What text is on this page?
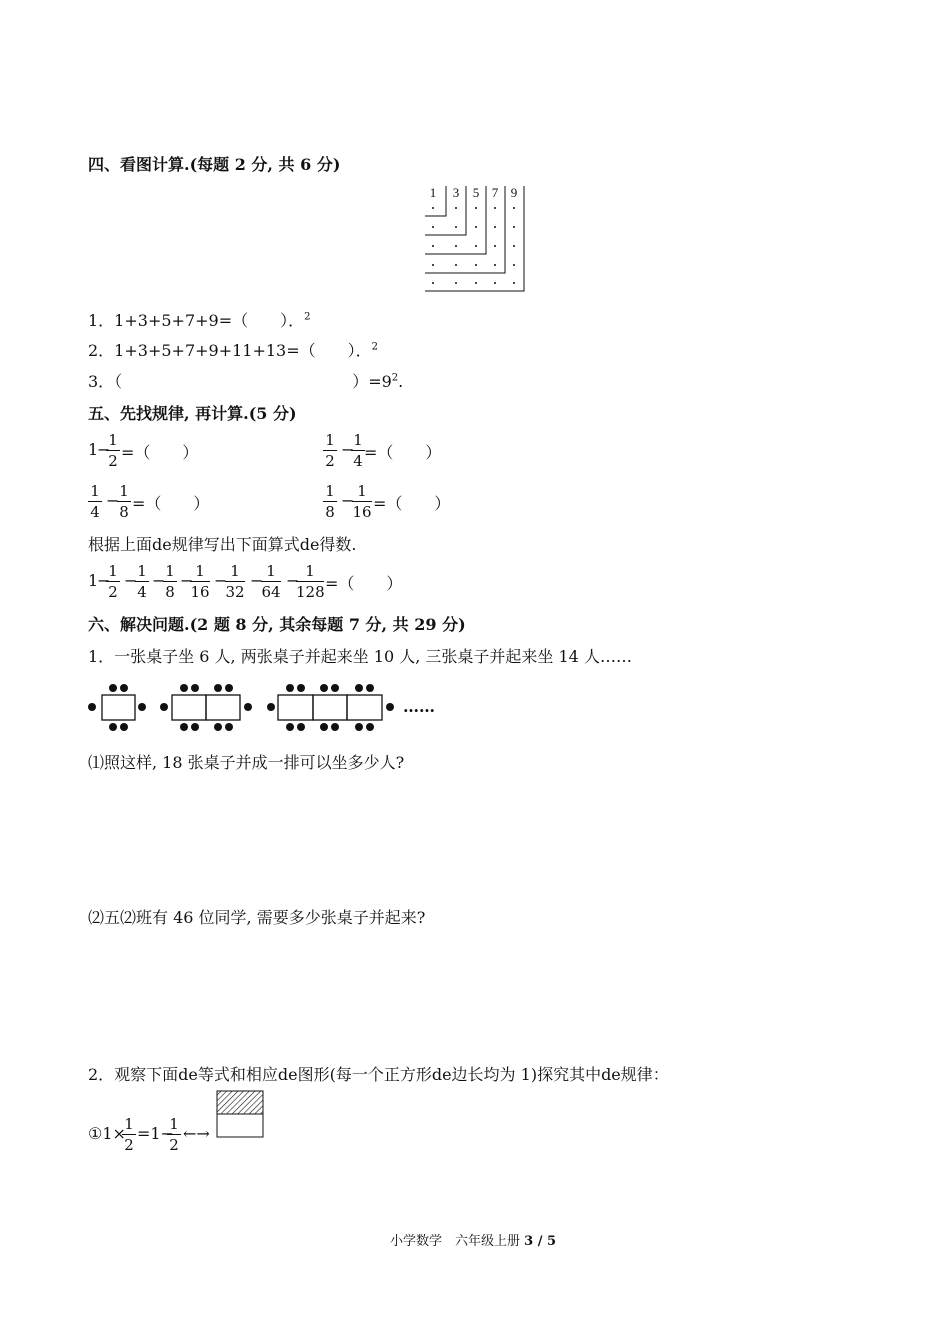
四、看图计算.(每题 2 分, 共 6 分)
1 3 5 7 9
1．1+3+5+7+9=（　　）．$^2$
2．1+3+5+7+9+11+13=（　　）．$^2$
3．（	）$=9^2$.
五、先找规律, 再计算.(5 分)
1
−
1
2 =（　　）
1
2
−
1
4 =（　　）
1
4
− 1
8 =（　　）
1
8
− 1
16 =（　　）
根据上面de规律写出下面算式de得数.
1
−
1
2
− 1
4
− 1
8
− 1
16
− 1
32
− 1
64
− 1
128 =（　　）
六、解决问题.(2 题 8 分, 其余每题 7 分, 共 29 分)
1．一张桌子坐 6 人, 两张桌子并起来坐 10 人, 三张桌子并起来坐 14 人……
……
⑴照这样, 18 张桌子并成一排可以坐多少人?
⑵五⑵班有 46 位同学, 需要多少张桌子并起来?
2．观察下面de等式和相应de图形(每一个正方形de边长均为 1)探究其中de规律：
①1×
1
2
=1−
1
2
←→
小学数学　六年级上册 3 / 5
